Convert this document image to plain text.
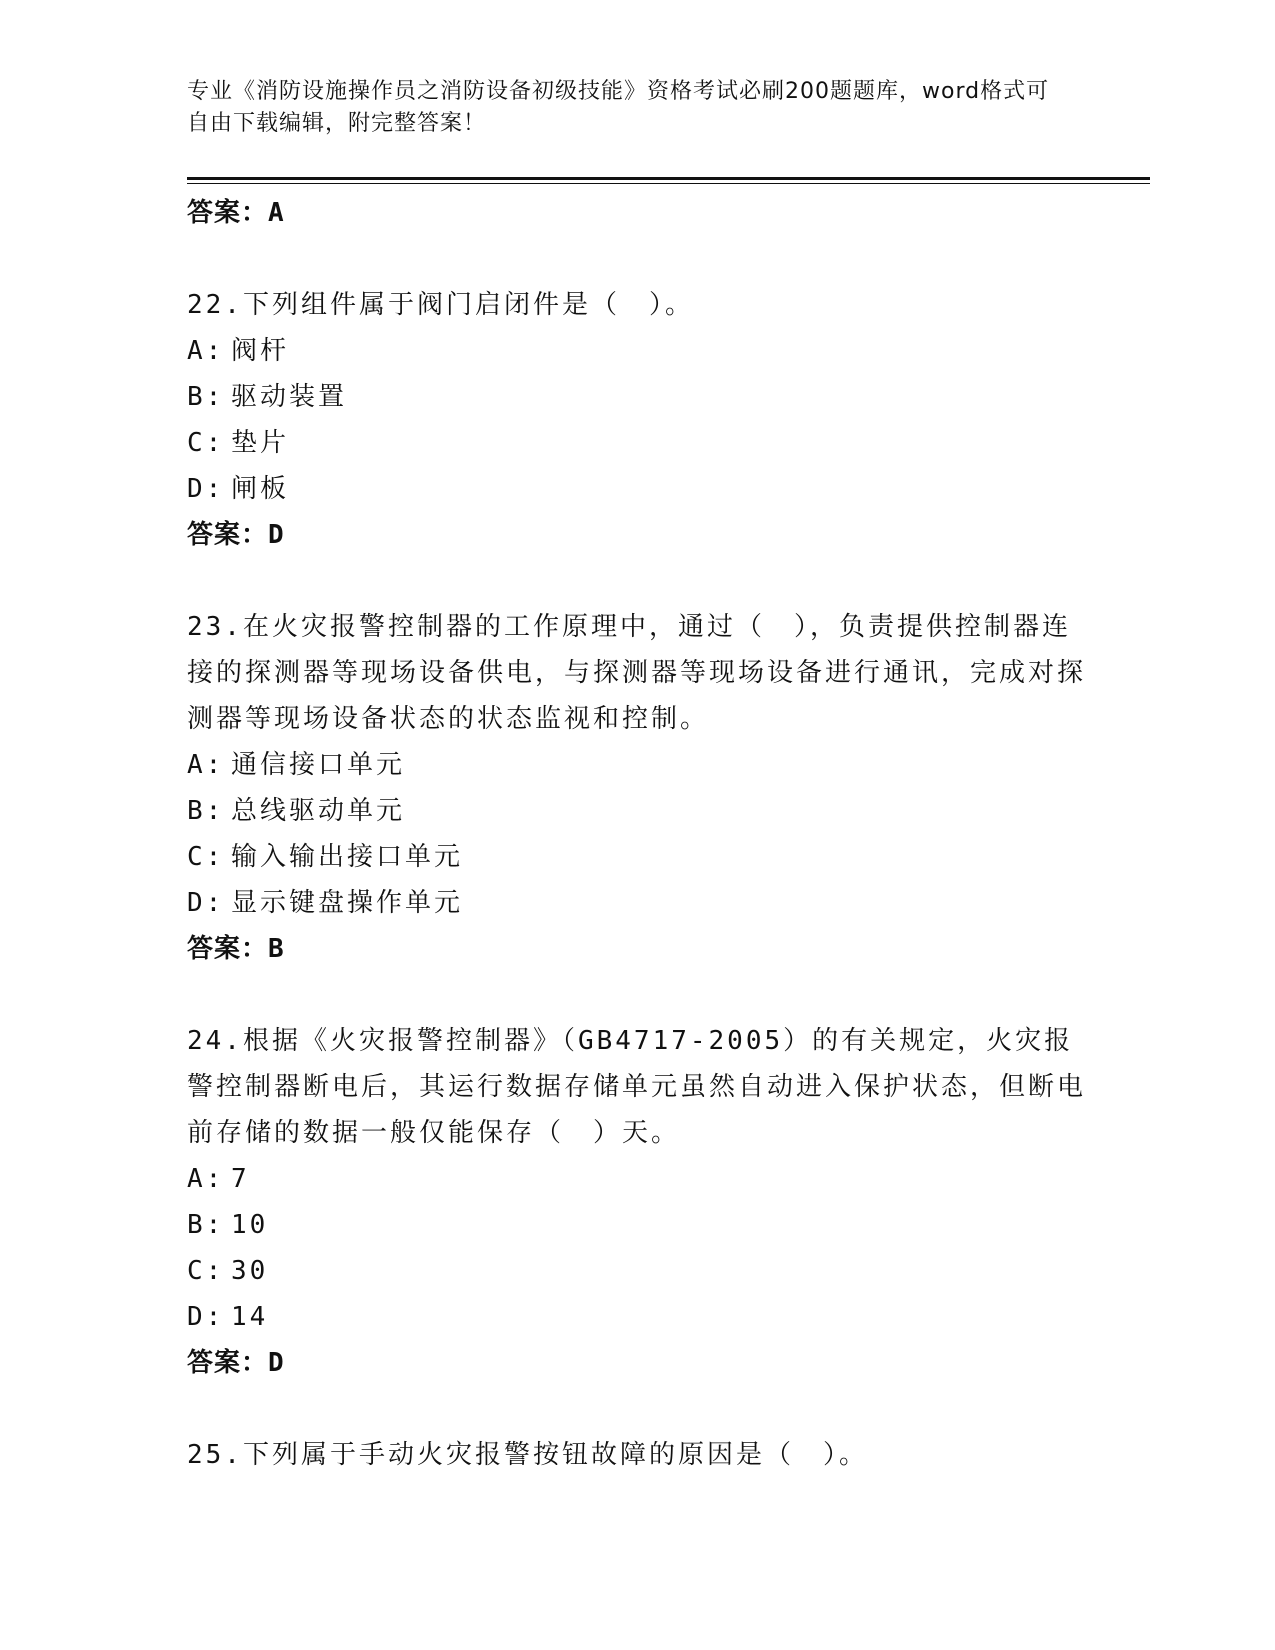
专业《消防设施操作员之消防设备初级技能》资格考试必刷200题题库，word格式可自由下载编辑，附完整答案！
答案：A

22.下列组件属于阀门启闭件是（　）。

A: 阀杆
B: 驱动装置
C: 垫片
D: 闸板
答案：D

23.在火灾报警控制器的工作原理中，通过（　），负责提供控制器连接的探测器等现场设备供电，与探测器等现场设备进行通讯，完成对探测器等现场设备状态的状态监视和控制。

A: 通信接口单元
B: 总线驱动单元
C: 输入输出接口单元
D: 显示键盘操作单元
答案：B

24.根据《火灾报警控制器》（GB4717-2005）的有关规定，火灾报警控制器断电后，其运行数据存储单元虽然自动进入保护状态，但断电前存储的数据一般仅能保存（　）天。

A: 7
B: 10
C: 30
D: 14
答案：D

25.下列属于手动火灾报警按钮故障的原因是（　）。
